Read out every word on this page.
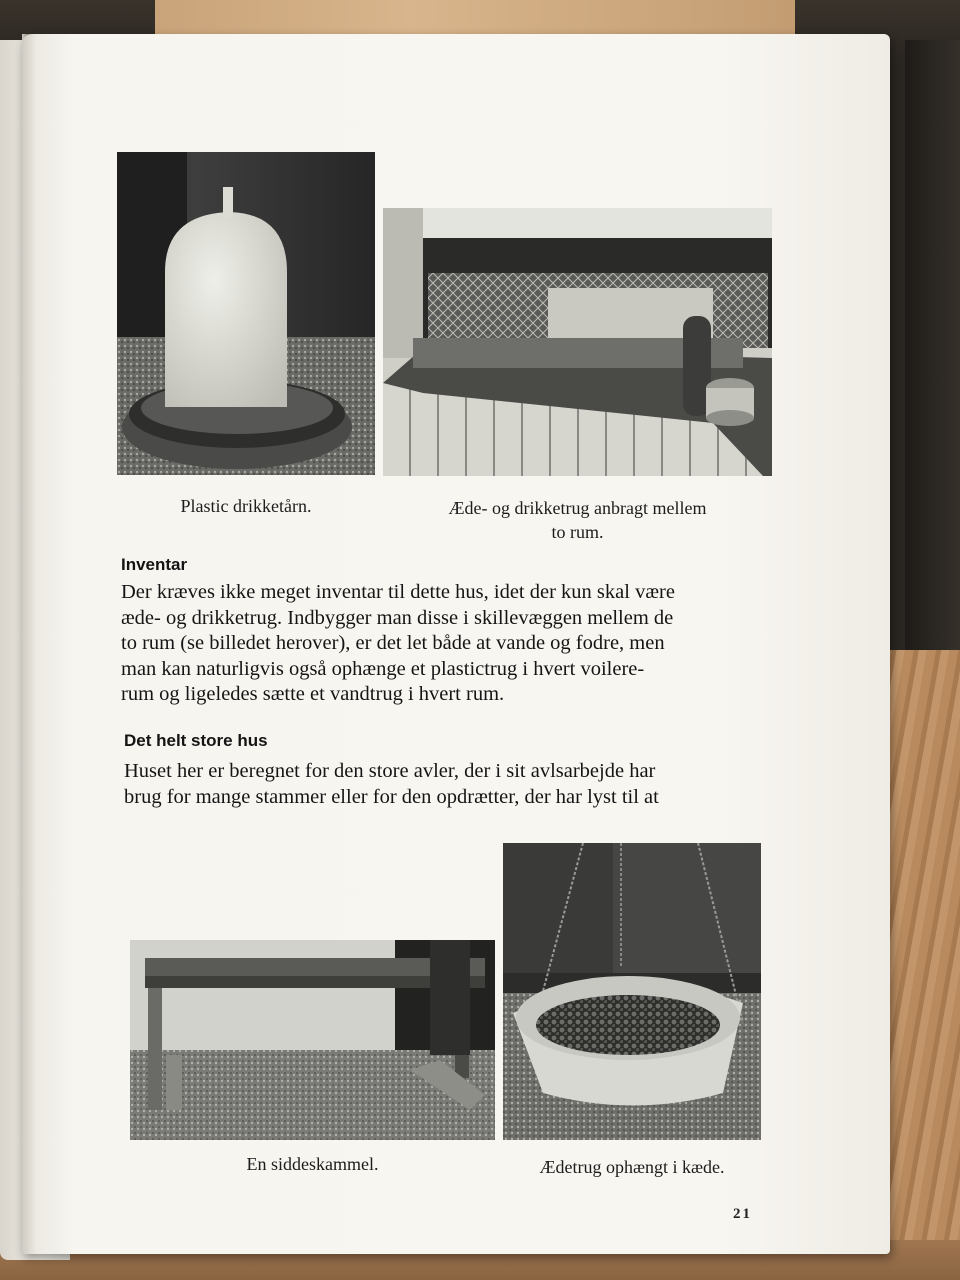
Plastic drikketårn.	Æde- og drikketrug anbragt mellem
to rum.
Inventar
Der kræves ikke meget inventar til dette hus, idet der kun skal være
æde- og drikketrug. Indbygger man disse i skillevæggen mellem de
to rum (se billedet herover), er det let både at vande og fodre, men
man kan naturligvis også ophænge et plastictrug i hvert voilere-
rum og ligeledes sætte et vandtrug i hvert rum.
Det helt store hus
Huset her er beregnet for den store avler, der i sit avlsarbejde har
brug for mange stammer eller for den opdrætter, der har lyst til at
En siddeskammel.	Ædetrug ophængt i kæde.
21
